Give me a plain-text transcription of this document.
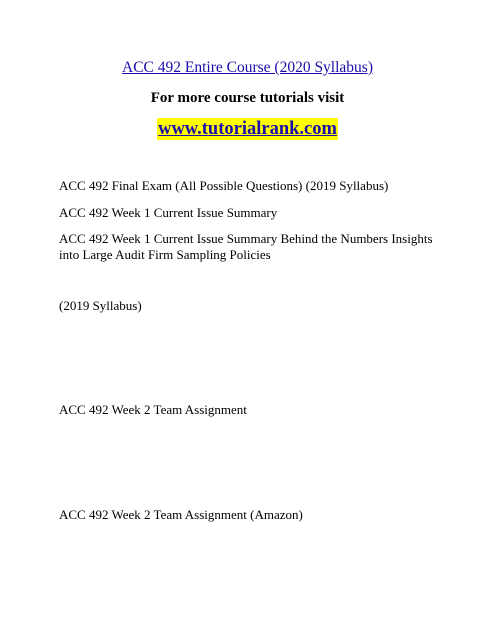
ACC 492 Entire Course (2020 Syllabus)
For more course tutorials visit
www.tutorialrank.com
ACC 492 Final Exam (All Possible Questions) (2019 Syllabus)
ACC 492 Week 1 Current Issue Summary
ACC 492 Week 1 Current Issue Summary Behind the Numbers Insights into Large Audit Firm Sampling Policies
(2019 Syllabus)
ACC 492 Week 2 Team Assignment
ACC 492 Week 2 Team Assignment (Amazon)
